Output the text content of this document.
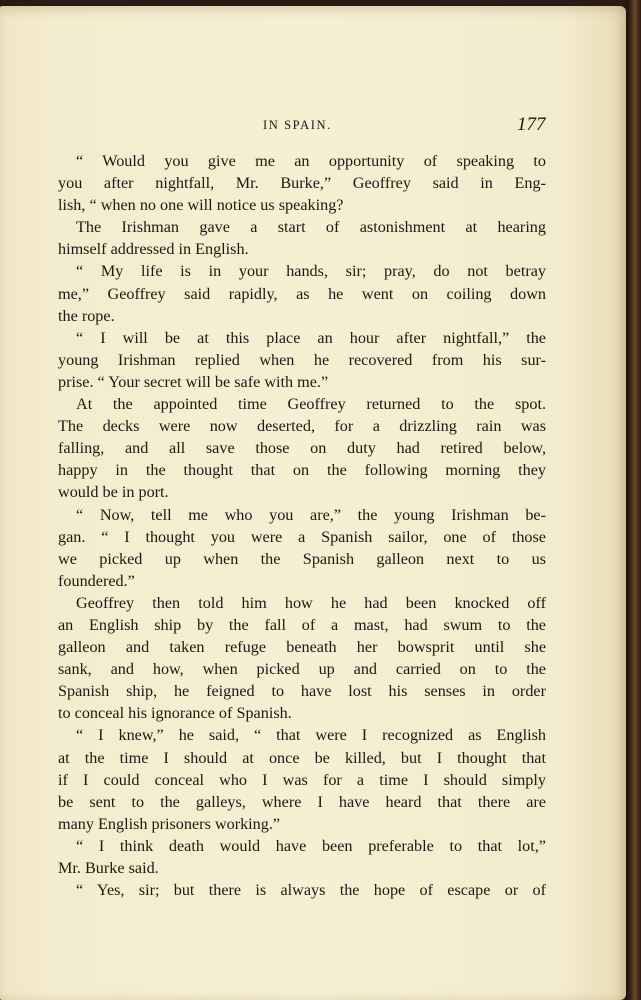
IN SPAIN.	177
“ Would you give me an opportunity of speaking to
you after nightfall, Mr. Burke,” Geoffrey said in Eng-
lish, “ when no one will notice us speaking?
The Irishman gave a start of astonishment at hearing
himself addressed in English.
“ My life is in your hands, sir; pray, do not betray
me,” Geoffrey said rapidly, as he went on coiling down
the rope.
“ I will be at this place an hour after nightfall,” the
young Irishman replied when he recovered from his sur-
prise. “ Your secret will be safe with me.”
At the appointed time Geoffrey returned to the spot.
The decks were now deserted, for a drizzling rain was
falling, and all save those on duty had retired below,
happy in the thought that on the following morning they
would be in port.
“ Now, tell me who you are,” the young Irishman be-
gan. “ I thought you were a Spanish sailor, one of those
we picked up when the Spanish galleon next to us
foundered.”
Geoffrey then told him how he had been knocked off
an English ship by the fall of a mast, had swum to the
galleon and taken refuge beneath her bowsprit until she
sank, and how, when picked up and carried on to the
Spanish ship, he feigned to have lost his senses in order
to conceal his ignorance of Spanish.
“ I knew,” he said, “ that were I recognized as English
at the time I should at once be killed, but I thought that
if I could conceal who I was for a time I should simply
be sent to the galleys, where I have heard that there are
many English prisoners working.”
“ I think death would have been preferable to that lot,”
Mr. Burke said.
“ Yes, sir; but there is always the hope of escape or of
